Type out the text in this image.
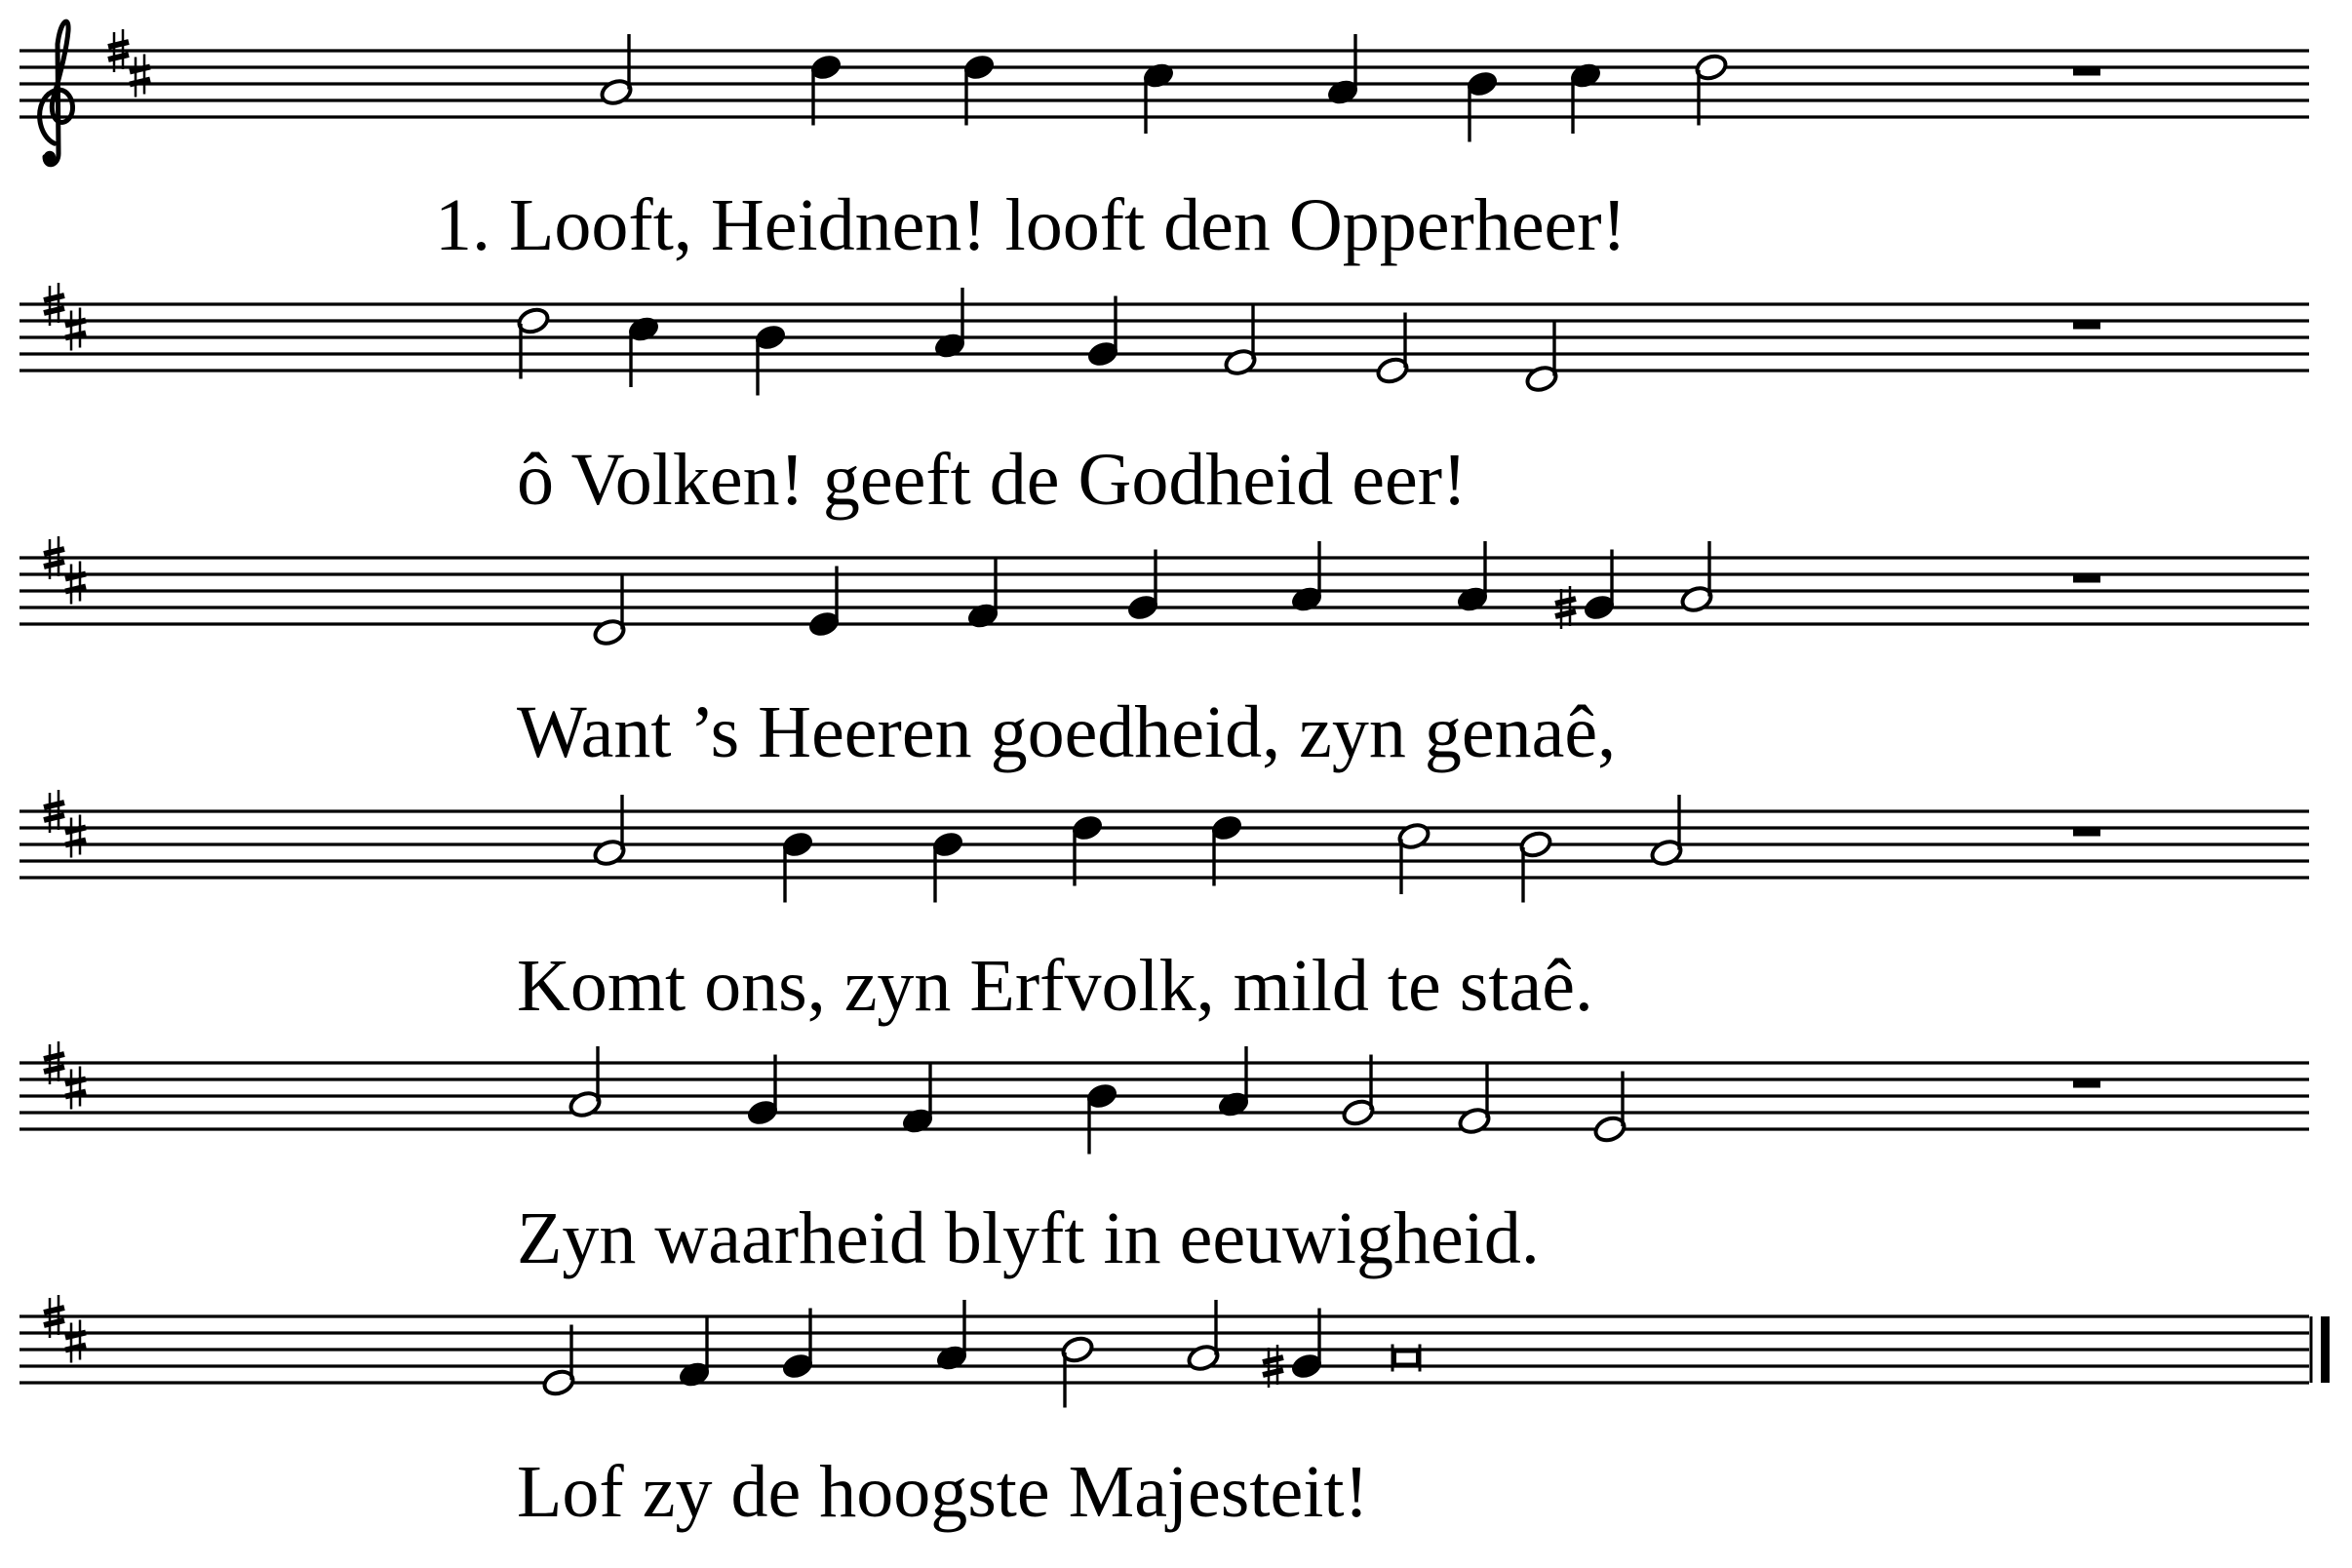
1. Looft, Heidnen! looft den Opperheer!
ô Volken! geeft de Godheid eer!
Want ’s Heeren goedheid, zyn genaê,
Komt ons, zyn Erfvolk, mild te staê.
Zyn waarheid blyft in eeuwigheid.
Lof zy de hoogste Majesteit!
